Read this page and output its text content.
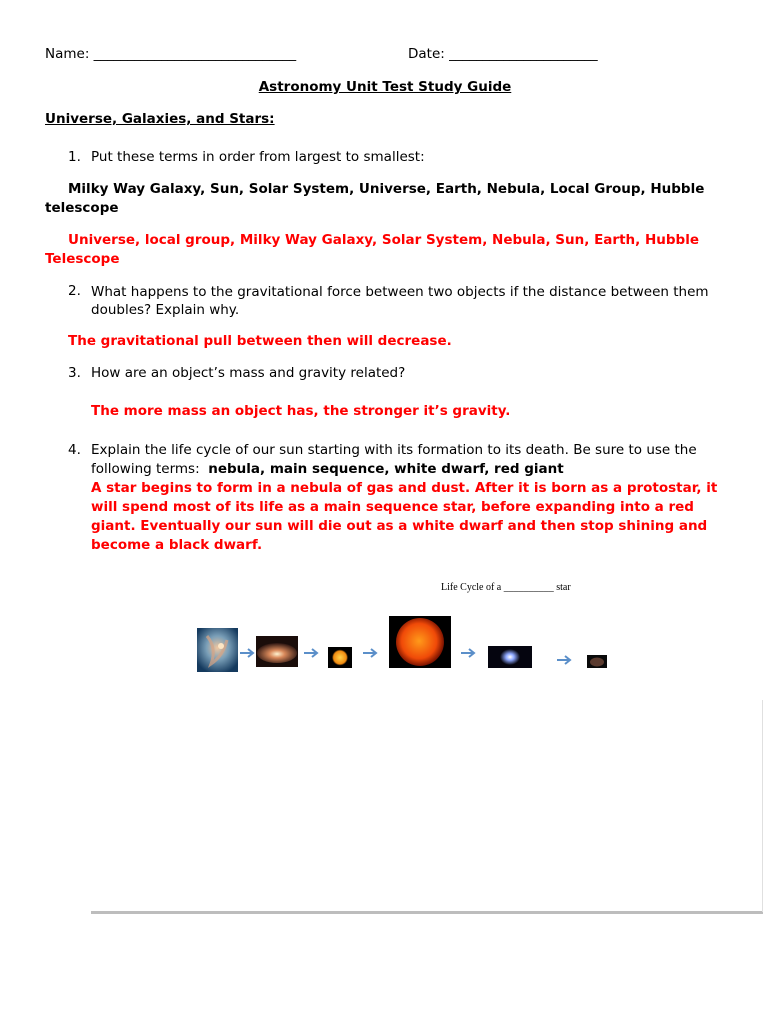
Name: ______________________________	Date: ______________________
Astronomy Unit Test Study Guide
Universe, Galaxies, and Stars:
1. Put these terms in order from largest to smallest:
Milky Way Galaxy, Sun, Solar System, Universe, Earth, Nebula, Local Group, Hubble telescope
Universe, local group, Milky Way Galaxy, Solar System, Nebula, Sun, Earth, Hubble Telescope
2. What happens to the gravitational force between two objects if the distance between them doubles? Explain why.
The gravitational pull between then will decrease.
3. How are an object’s mass and gravity related?
The more mass an object has, the stronger it’s gravity.
4. Explain the life cycle of our sun starting with its formation to its death. Be sure to use the following terms: nebula, main sequence, white dwarf, red giant
A star begins to form in a nebula of gas and dust. After it is born as a protostar, it will spend most of its life as a main sequence star, before expanding into a red giant. Eventually our sun will die out as a white dwarf and then stop shining and become a black dwarf.
Life Cycle of a __________ star
